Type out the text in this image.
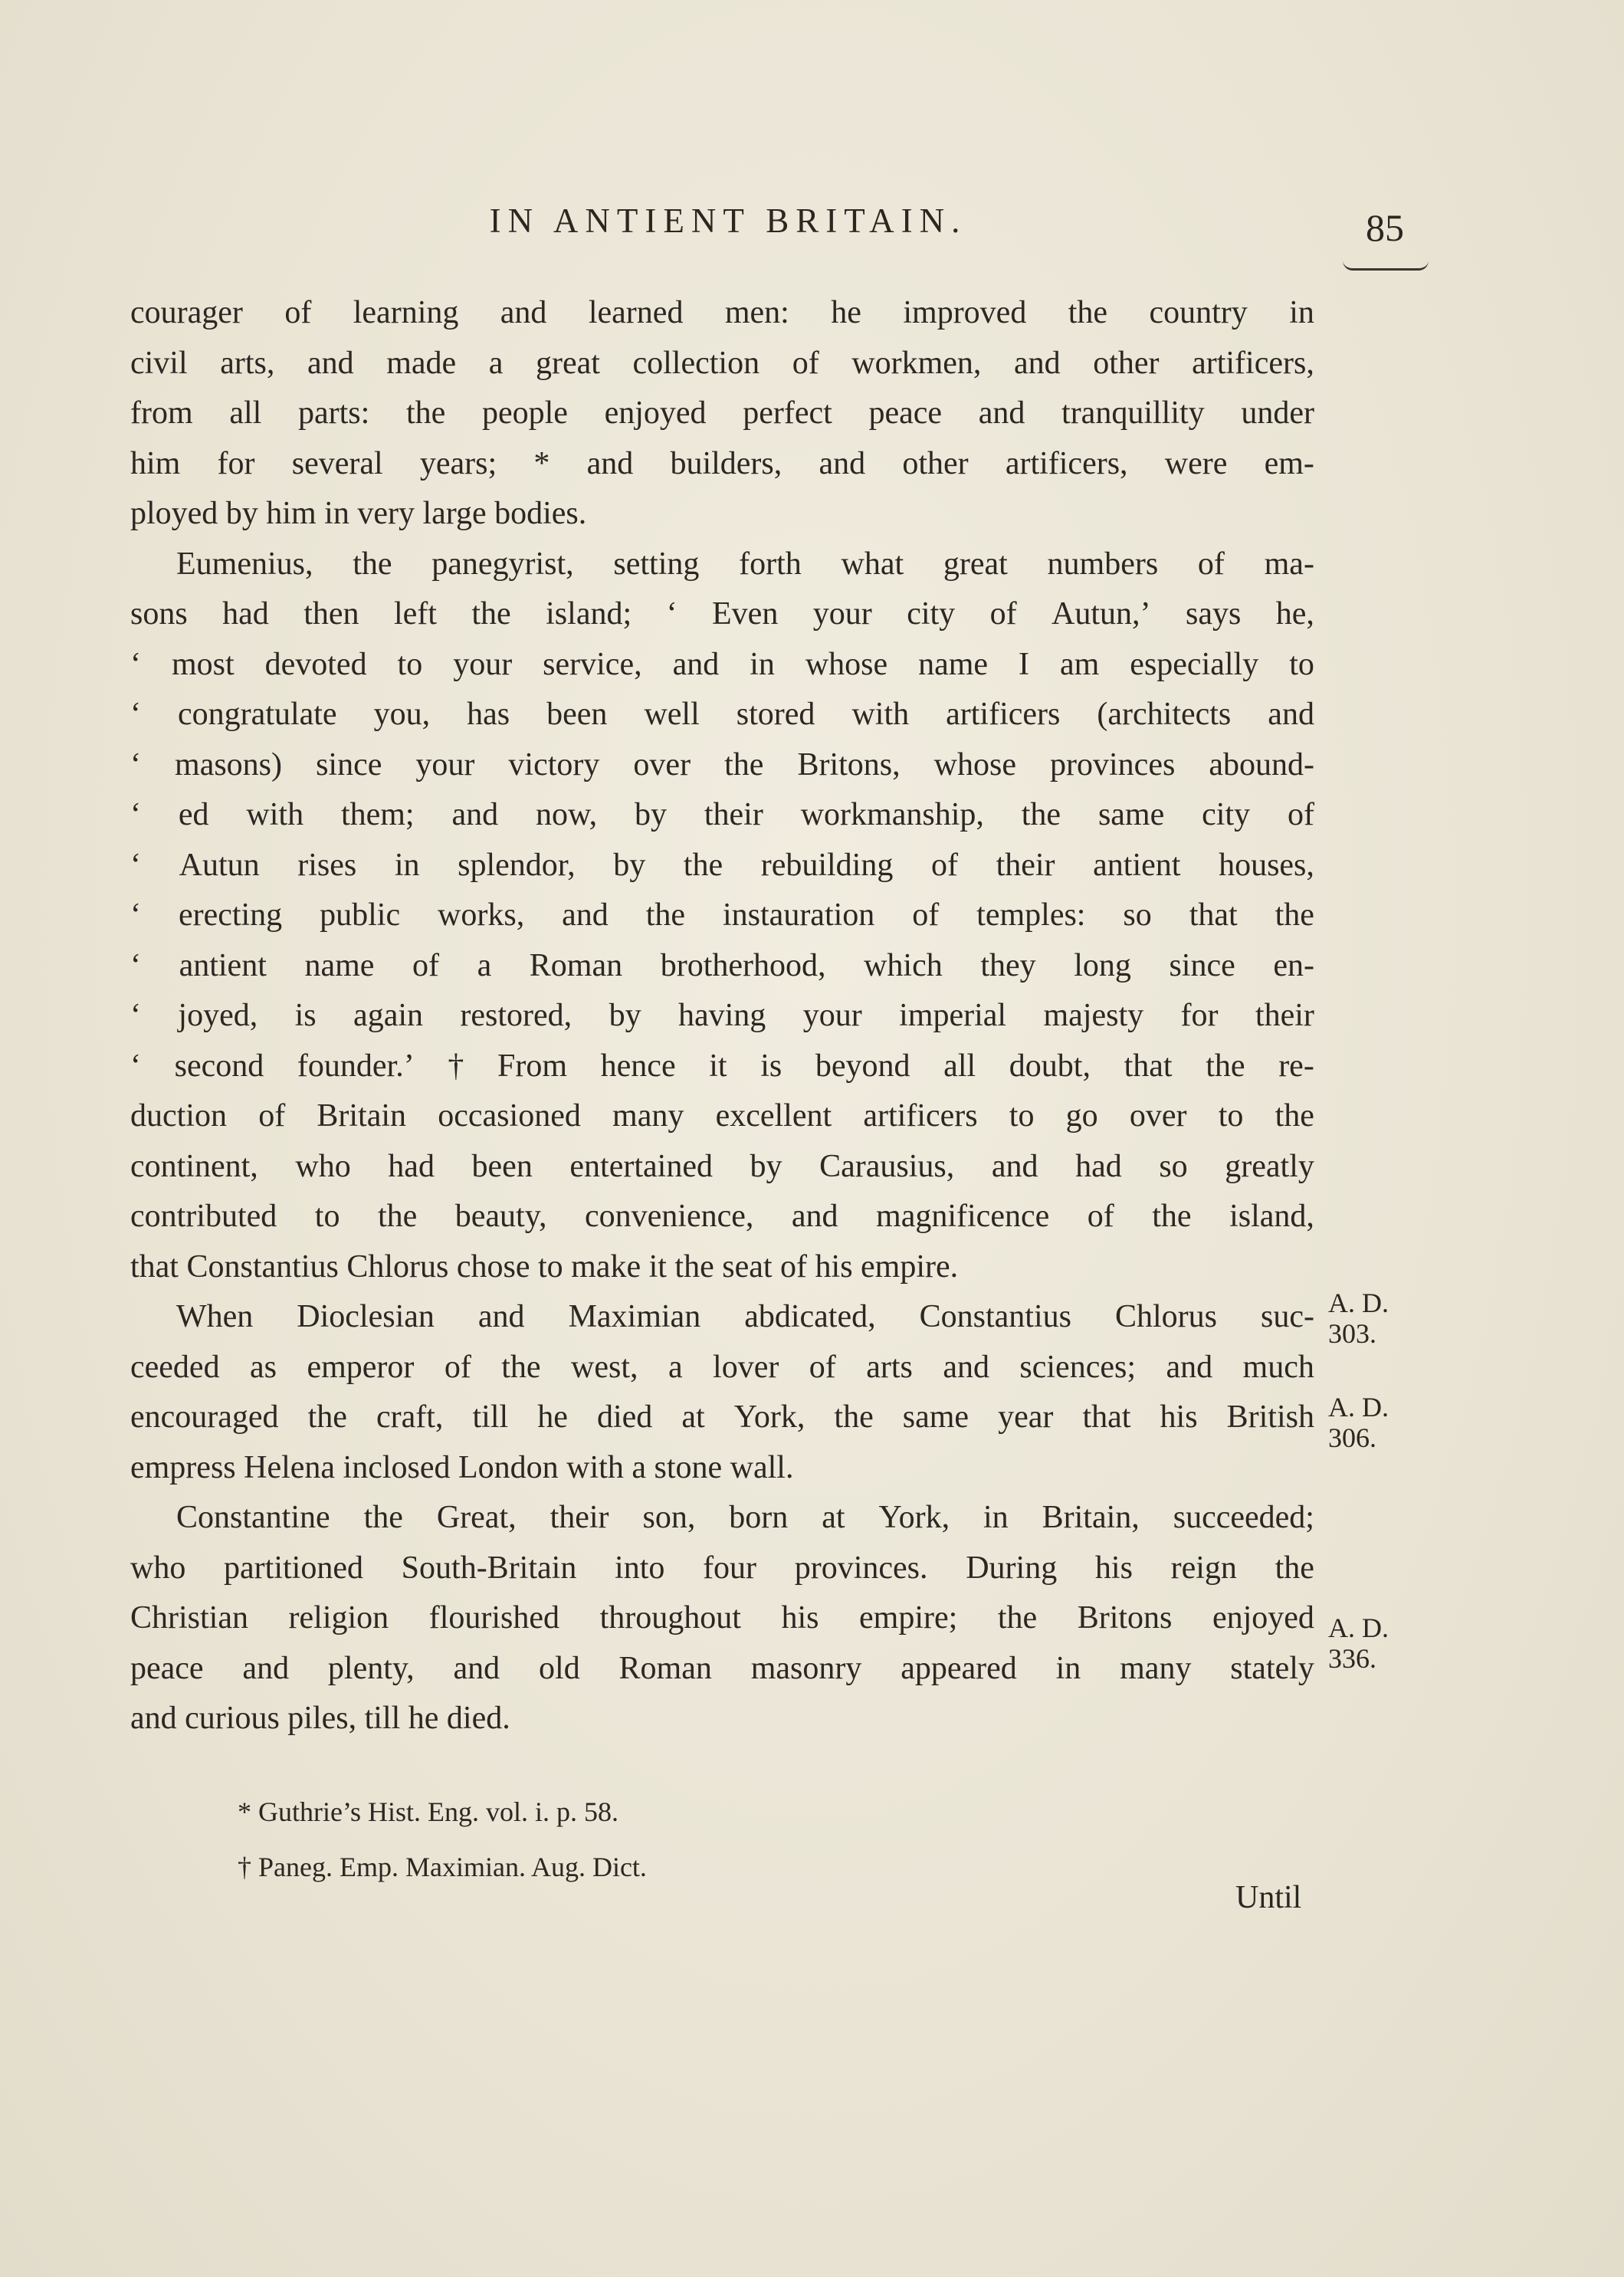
IN ANTIENT BRITAIN.	85
courager of learning and learned men: he improved the country in
civil arts, and made a great collection of workmen, and other artificers,
from all parts: the people enjoyed perfect peace and tranquillity under
him for several years; * and builders, and other artificers, were em-
ployed by him in very large bodies.
Eumenius, the panegyrist, setting forth what great numbers of ma-
sons had then left the island; ‘ Even your city of Autun,’ says he,
‘ most devoted to your service, and in whose name I am especially to
‘ congratulate you, has been well stored with artificers (architects and
‘ masons) since your victory over the Britons, whose provinces abound-
‘ ed with them; and now, by their workmanship, the same city of
‘ Autun rises in splendor, by the rebuilding of their antient houses,
‘ erecting public works, and the instauration of temples: so that the
‘ antient name of a Roman brotherhood, which they long since en-
‘ joyed, is again restored, by having your imperial majesty for their
‘ second founder.’ † From hence it is beyond all doubt, that the re-
duction of Britain occasioned many excellent artificers to go over to the
continent, who had been entertained by Carausius, and had so greatly
contributed to the beauty, convenience, and magnificence of the island,
that Constantius Chlorus chose to make it the seat of his empire.
When Dioclesian and Maximian abdicated, Constantius Chlorus suc-
ceeded as emperor of the west, a lover of arts and sciences; and much
encouraged the craft, till he died at York, the same year that his British
empress Helena inclosed London with a stone wall.
Constantine the Great, their son, born at York, in Britain, succeeded;
who partitioned South-Britain into four provinces. During his reign the
Christian religion flourished throughout his empire; the Britons enjoyed
peace and plenty, and old Roman masonry appeared in many stately
and curious piles, till he died.
A. D.
303.
A. D.
306.
A. D.
336.
* Guthrie’s Hist. Eng. vol. i. p. 58.
† Paneg. Emp. Maximian. Aug. Dict.
Until
